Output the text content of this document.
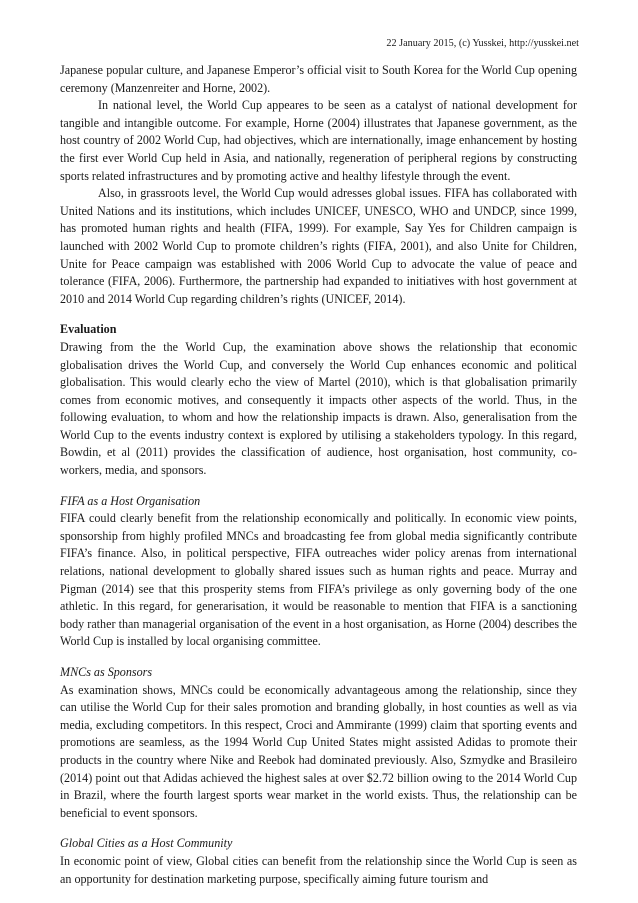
22 January 2015, (c) Yusskei, http://yusskei.net

Japanese popular culture, and Japanese Emperor’s official visit to South Korea for the World Cup opening ceremony (Manzenreiter and Horne, 2002).

In national level, the World Cup appeares to be seen as a catalyst of national development for tangible and intangible outcome. For example, Horne (2004) illustrates that Japanese government, as the host country of 2002 World Cup, had objectives, which are internationally, image enhancement by hosting the first ever World Cup held in Asia, and nationally, regeneration of peripheral regions by constructing sports related infrastructures and by promoting active and healthy lifestyle through the event.

Also, in grassroots level, the World Cup would adresses global issues. FIFA has collaborated with United Nations and its institutions, which includes UNICEF, UNESCO, WHO and UNDCP, since 1999, has promoted human rights and health (FIFA, 1999). For example, Say Yes for Children campaign is launched with 2002 World Cup to promote children’s rights (FIFA, 2001), and also Unite for Children, Unite for Peace campaign was established with 2006 World Cup to advocate the value of peace and tolerance (FIFA, 2006). Furthermore, the partnership had expanded to initiatives with host government at 2010 and 2014 World Cup regarding children’s rights (UNICEF, 2014).

Evaluation

Drawing from the the World Cup, the examination above shows the relationship that economic globalisation drives the World Cup, and conversely the World Cup enhances economic and political globalisation. This would clearly echo the view of Martel (2010), which is that globalisation primarily comes from economic motives, and consequently it impacts other aspects of the world. Thus, in the following evaluation, to whom and how the relationship impacts is drawn. Also, generalisation from the World Cup to the events industry context is explored by utilising a stakeholders typology. In this regard, Bowdin, et al (2011) provides the classification of audience, host organisation, host community, co-workers, media, and sponsors.

FIFA as a Host Organisation

FIFA could clearly benefit from the relationship economically and politically. In economic view points, sponsorship from highly profiled MNCs and broadcasting fee from global media significantly contribute FIFA’s finance. Also, in political perspective, FIFA outreaches wider policy arenas from international relations, national development to globally shared issues such as human rights and peace. Murray and Pigman (2014) see that this prosperity stems from FIFA’s privilege as only governing body of the one athletic. In this regard, for generarisation, it would be reasonable to mention that FIFA is a sanctioning body rather than managerial organisation of the event in a host organisation, as Horne (2004) describes the World Cup is installed by local organising committee.

MNCs as Sponsors

As examination shows, MNCs could be economically advantageous among the relationship, since they can utilise the World Cup for their sales promotion and branding globally, in host counties as well as via media, excluding competitors. In this respect, Croci and Ammirante (1999) claim that sporting events and promotions are seamless, as the 1994 World Cup United States might assisted Adidas to promote their products in the country where Nike and Reebok had dominated previously. Also, Szmydke and Brasileiro (2014) point out that Adidas achieved the highest sales at over $2.72 billion owing to the 2014 World Cup in Brazil, where the fourth largest sports wear market in the world exists. Thus, the relationship can be beneficial to event sponsors.

Global Cities as a Host Community

In economic point of view, Global cities can benefit from the relationship since the World Cup is seen as an opportunity for destination marketing purpose, specifically aiming future tourism and
